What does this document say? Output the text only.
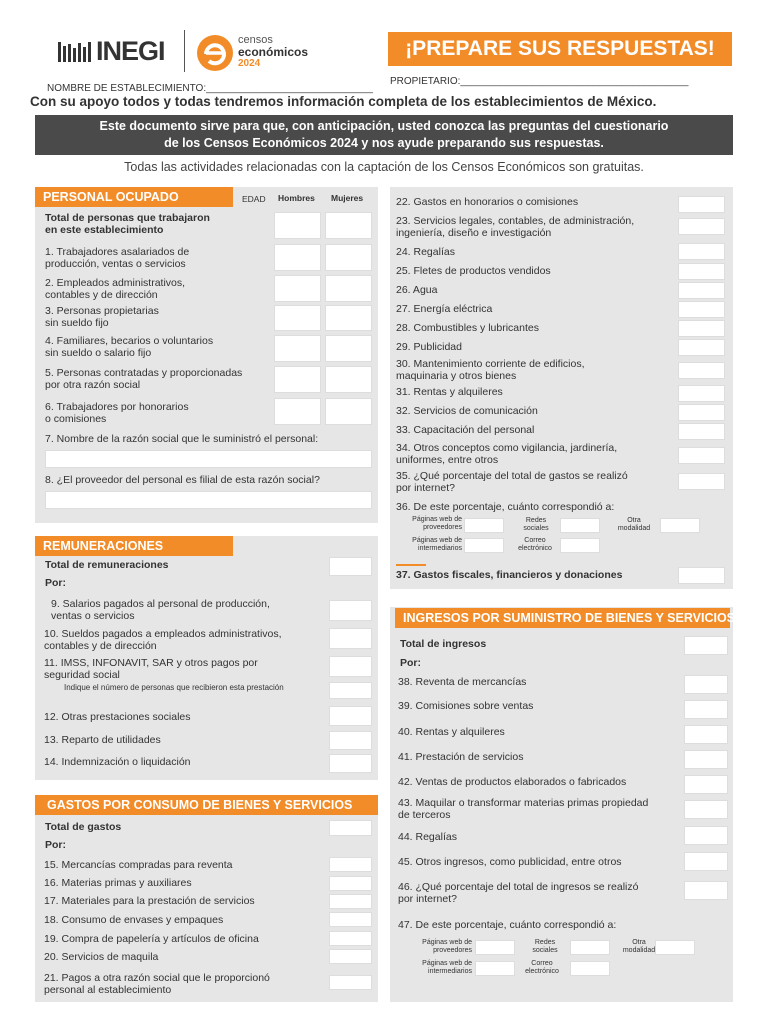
INEGI	censos
económicos
2024
¡PREPARE SUS RESPUESTAS!
NOMBRE DE ESTABLECIMIENTO:______________________________
PROPIETARIO:_________________________________________
Con su apoyo todos y todas tendremos información completa de los establecimientos de México.
Este documento sirve para que, con anticipación, usted conozca las preguntas del cuestionario
de los Censos Económicos 2024 y nos ayude preparando sus respuestas.
Todas las actividades relacionadas con la captación de los Censos Económicos son gratuitas.
PERSONAL OCUPADO	EDAD Hombres Mujeres
Total de personas que trabajaron
en este establecimiento
1. Trabajadores asalariados de
producción, ventas o servicios
2. Empleados administrativos,
contables y de dirección
3. Personas propietarias
sin sueldo fijo
4. Familiares, becarios o voluntarios
sin sueldo o salario fijo
5. Personas contratadas y proporcionadas
por otra razón social
6. Trabajadores por honorarios
o comisiones
7. Nombre de la razón social que le suministró el personal:
8. ¿El proveedor del personal es filial de esta razón social?
REMUNERACIONES
Total de remuneraciones
Por:
9. Salarios pagados al personal de producción,
ventas o servicios
10. Sueldos pagados a empleados administrativos,
contables y de dirección
11. IMSS, INFONAVIT, SAR y otros pagos por
seguridad social
Indique el número de personas que recibieron esta prestación
12. Otras prestaciones sociales
13. Reparto de utilidades
14. Indemnización o liquidación
GASTOS POR CONSUMO DE BIENES Y SERVICIOS
Total de gastos
Por:
15. Mercancías compradas para reventa
16. Materias primas y auxiliares
17. Materiales para la prestación de servicios
18. Consumo de envases y empaques
19. Compra de papelería y artículos de oficina
20. Servicios de maquila
21. Pagos a otra razón social que le proporcionó
personal al establecimiento
22. Gastos en honorarios o comisiones
23. Servicios legales, contables, de administración,
ingeniería, diseño e investigación
24. Regalías
25. Fletes de productos vendidos
26. Agua
27. Energía eléctrica
28. Combustibles y lubricantes
29. Publicidad
30. Mantenimiento corriente de edificios,
maquinaria y otros bienes
31. Rentas y alquileres
32. Servicios de comunicación
33. Capacitación del personal
34. Otros conceptos como vigilancia, jardinería,
uniformes, entre otros
35. ¿Qué porcentaje del total de gastos se realizó
por internet?
36. De este porcentaje, cuánto correspondió a:
Páginas web de
proveedores
Redes
sociales
Otra
modalidad
Páginas web de
intermediarios
Correo
electrónico
37. Gastos fiscales, financieros y donaciones
INGRESOS POR SUMINISTRO DE BIENES Y SERVICIOS
Total de ingresos
Por:
38. Reventa de mercancías
39. Comisiones sobre ventas
40. Rentas y alquileres
41. Prestación de servicios
42. Ventas de productos elaborados o fabricados
43. Maquilar o transformar materias primas propiedad
de terceros
44. Regalías
45. Otros ingresos, como publicidad, entre otros
46. ¿Qué porcentaje del total de ingresos se realizó
por internet?
47. De este porcentaje, cuánto correspondió a:
Páginas web de
proveedores
Redes
sociales
Otra
modalidad
Páginas web de
intermediarios
Correo
electrónico
